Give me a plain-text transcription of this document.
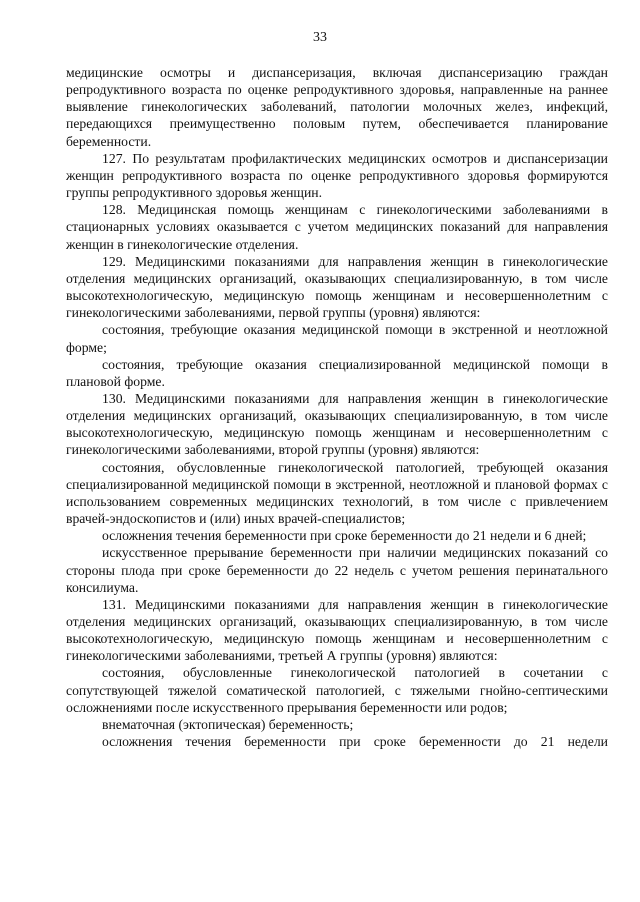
33

медицинские осмотры и диспансеризация, включая диспансеризацию граждан репродуктивного возраста по оценке репродуктивного здоровья, направленные на раннее выявление гинекологических заболеваний, патологии молочных желез, инфекций, передающихся преимущественно половым путем, обеспечивается планирование беременности.

127. По результатам профилактических медицинских осмотров и диспансеризации женщин репродуктивного возраста по оценке репродуктивного здоровья формируются группы репродуктивного здоровья женщин.

128. Медицинская помощь женщинам с гинекологическими заболеваниями в стационарных условиях оказывается с учетом медицинских показаний для направления женщин в гинекологические отделения.

129. Медицинскими показаниями для направления женщин в гинекологические отделения медицинских организаций, оказывающих специализированную, в том числе высокотехнологическую, медицинскую помощь женщинам и несовершеннолетним с гинекологическими заболеваниями, первой группы (уровня) являются:

состояния, требующие оказания медицинской помощи в экстренной и неотложной форме;

состояния, требующие оказания специализированной медицинской помощи в плановой форме.

130. Медицинскими показаниями для направления женщин в гинекологические отделения медицинских организаций, оказывающих специализированную, в том числе высокотехнологическую, медицинскую помощь женщинам и несовершеннолетним с гинекологическими заболеваниями, второй группы (уровня) являются:

состояния, обусловленные гинекологической патологией, требующей оказания специализированной медицинской помощи в экстренной, неотложной и плановой формах с использованием современных медицинских технологий, в том числе с привлечением врачей-эндоскопистов и (или) иных врачей-специалистов;

осложнения течения беременности при сроке беременности до 21 недели и 6 дней;

искусственное прерывание беременности при наличии медицинских показаний со стороны плода при сроке беременности до 22 недель с учетом решения перинатального консилиума.

131. Медицинскими показаниями для направления женщин в гинекологические отделения медицинских организаций, оказывающих специализированную, в том числе высокотехнологическую, медицинскую помощь женщинам и несовершеннолетним с гинекологическими заболеваниями, третьей А группы (уровня) являются:

состояния, обусловленные гинекологической патологией в сочетании с сопутствующей тяжелой соматической патологией, с тяжелыми гнойно-септическими осложнениями после искусственного прерывания беременности или родов;

внематочная (эктопическая) беременность;

осложнения течения беременности при сроке беременности до 21 недели
